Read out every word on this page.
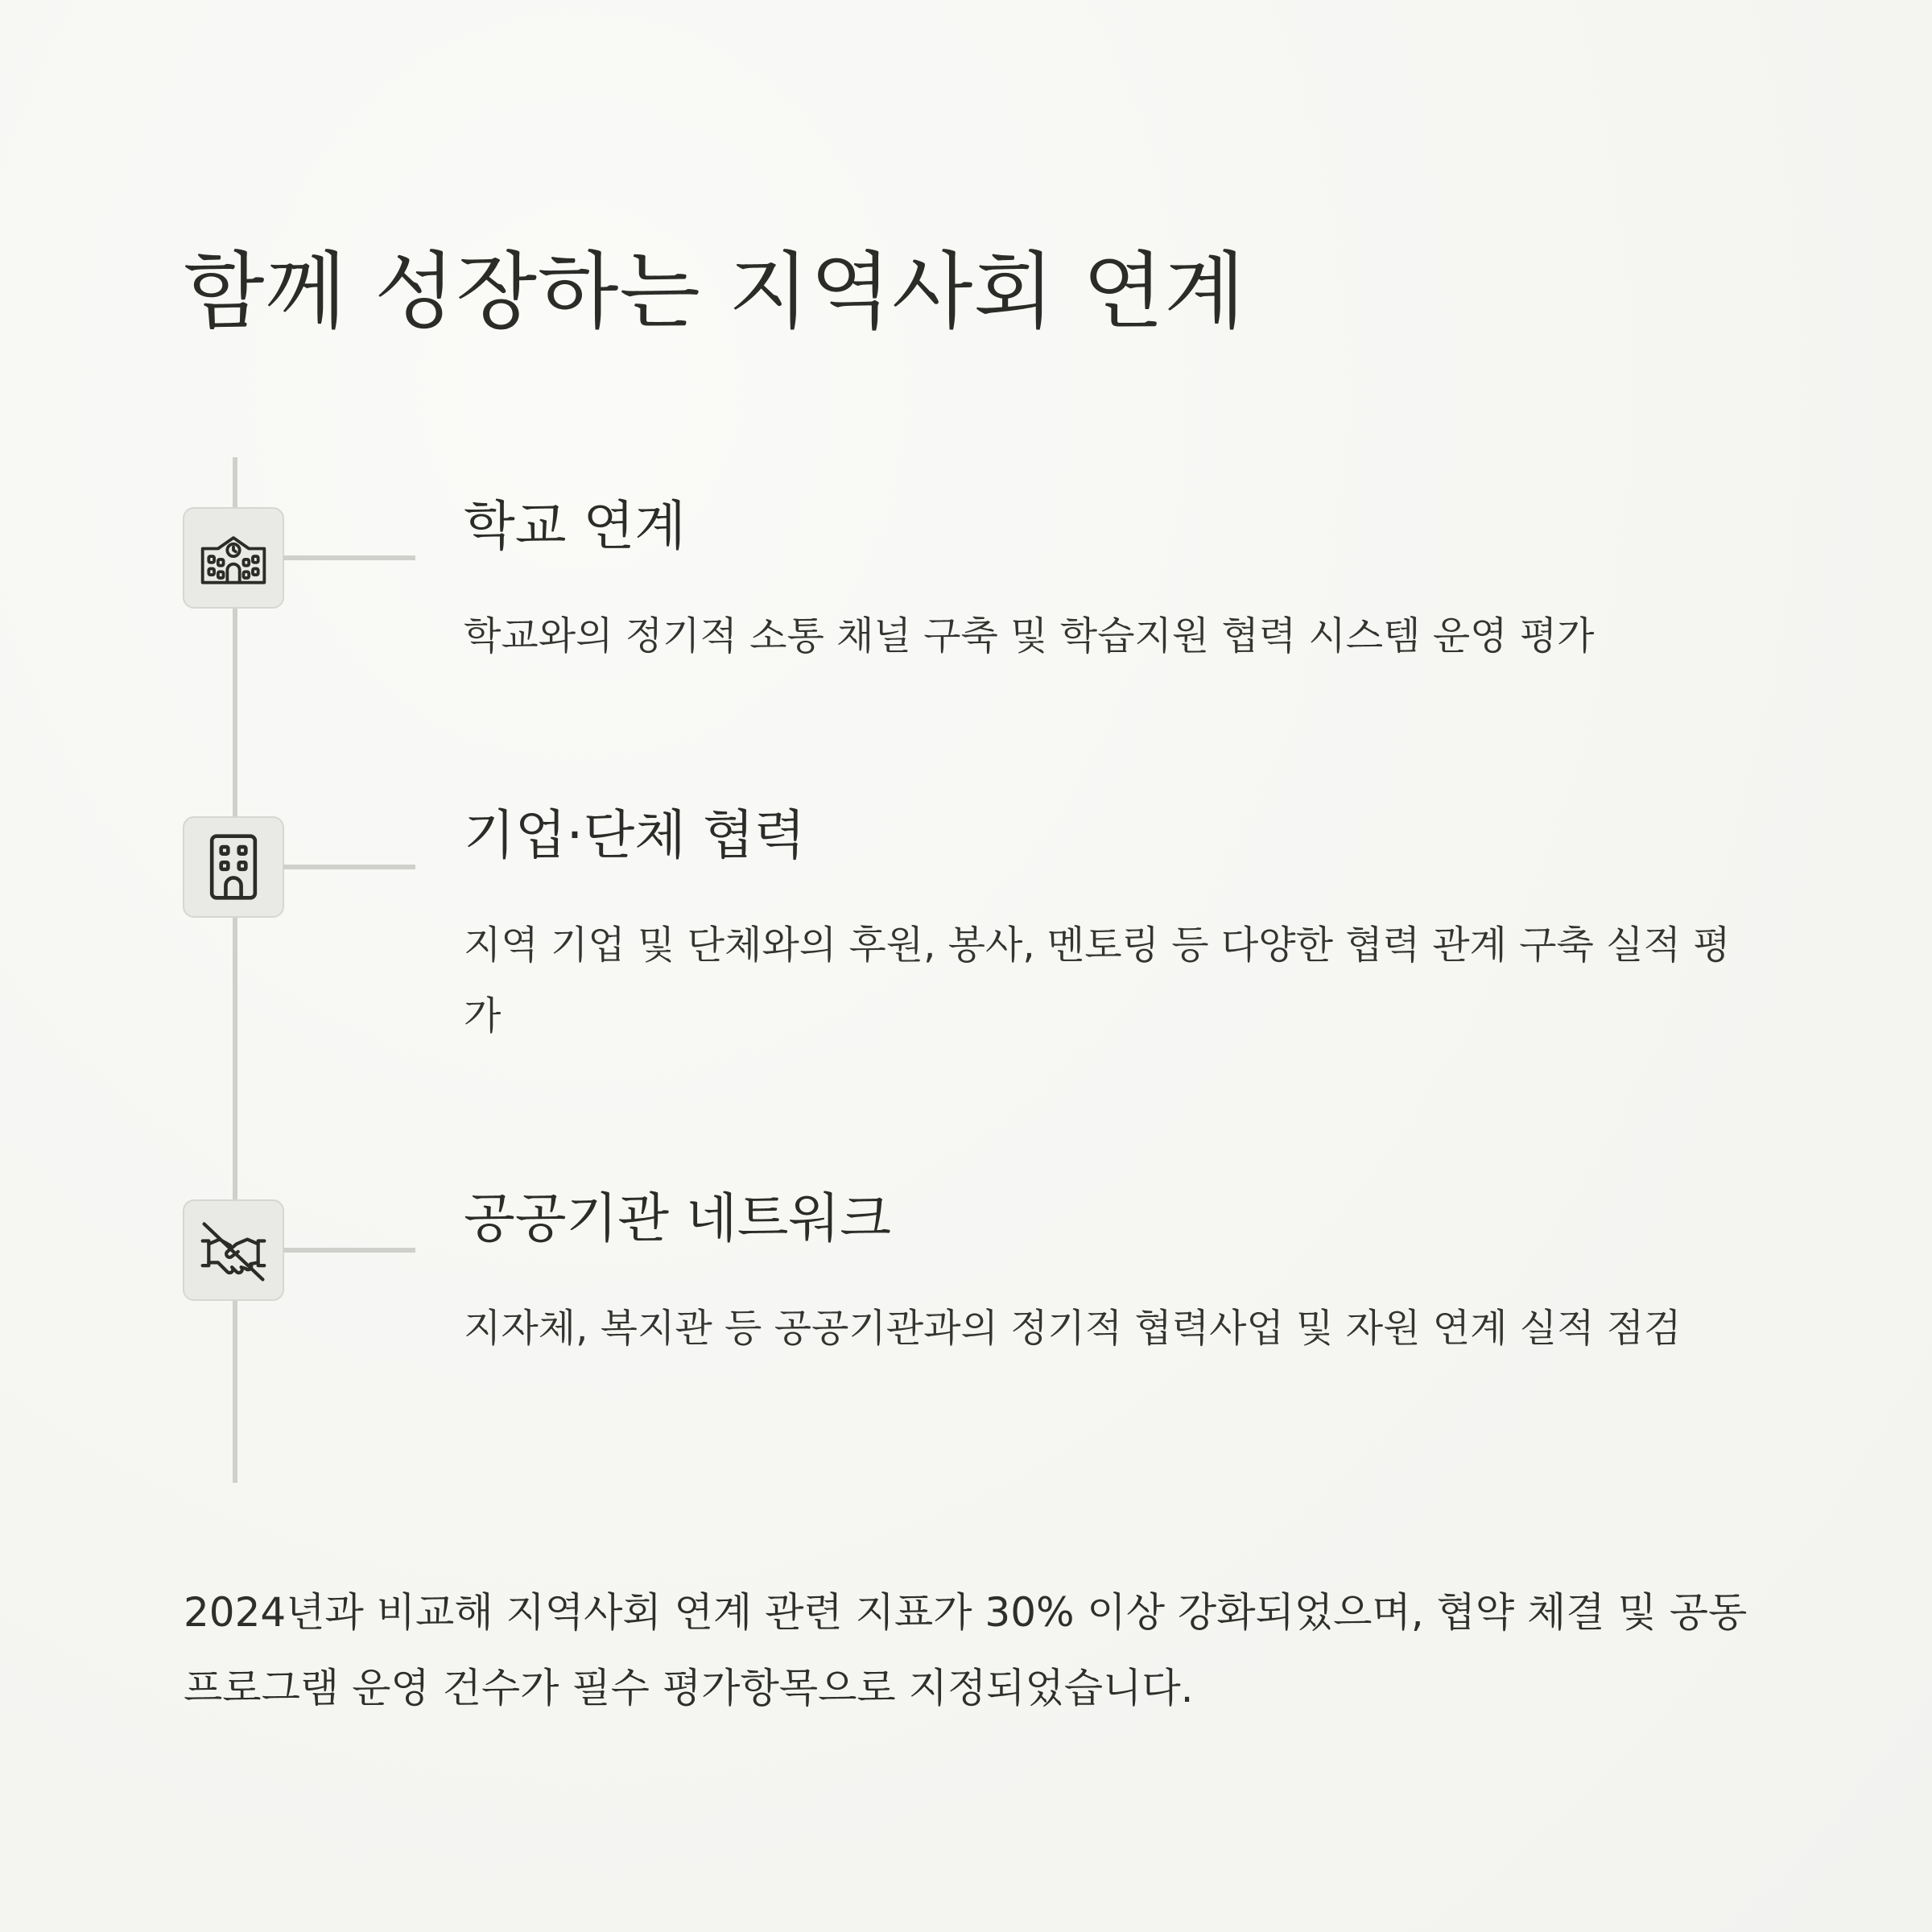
함께 성장하는 지역사회 연계
학교 연계
학교와의 정기적 소통 채널 구축 및 학습지원 협력 시스템 운영 평가
기업·단체 협력
지역 기업 및 단체와의 후원, 봉사, 멘토링 등 다양한 협력 관계 구축 실적 평가
공공기관 네트워크
지자체, 복지관 등 공공기관과의 정기적 협력사업 및 자원 연계 실적 점검

2024년과 비교해 지역사회 연계 관련 지표가 30% 이상 강화되었으며, 협약 체결 및 공동프로그램 운영 건수가 필수 평가항목으로 지정되었습니다.
